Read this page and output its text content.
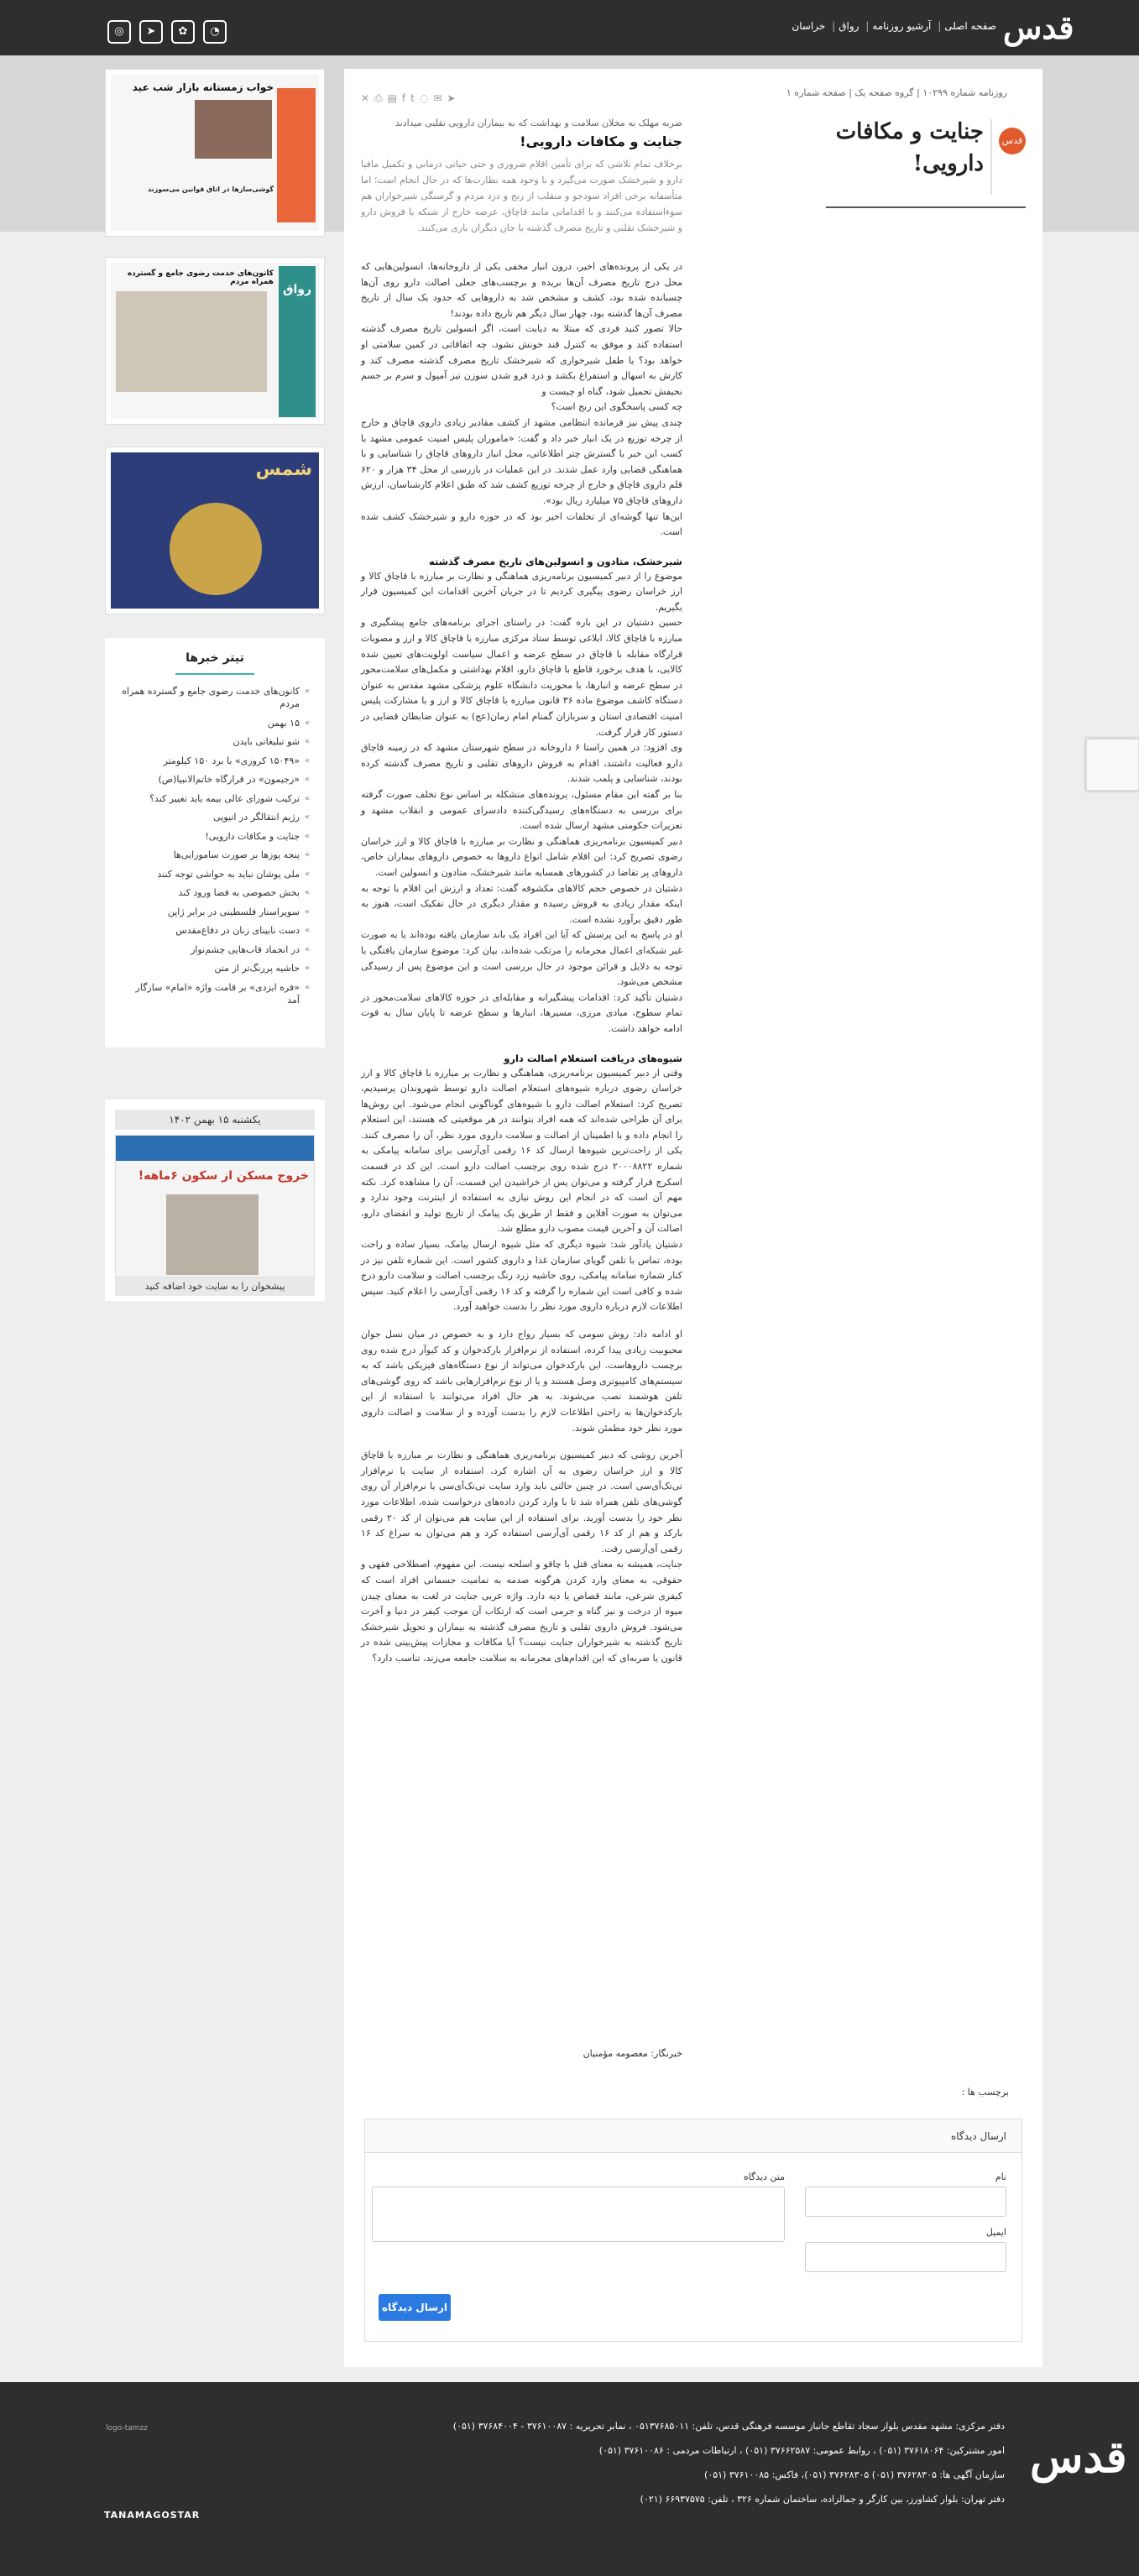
قدس
صفحه اصلی| آرشیو روزنامه| رواق| خراسان
◎	➤	✿	◔
روزنامه شماره ۱۰۲۹۹ | گروه صفحه یک | صفحه شماره ۱
✕ ⎙ ▤ f t ◌ ✉ ➤
قدس
جنایت و مکافات دارویی!
ضربه مهلک به مخلان سلامت و بهداشت که به بیماران دارویی تقلبی میدادند
جنایت و مکافات دارویی!
برخلاف تمام تلاشی که برای تأمین اقلام ضروری و حتی حیاتی درمانی و تکمیل مافیا دارو و شیرخشک صورت می‌گیرد و با وجود همه نظارت‌ها که در حال انجام است؛ اما متأسفانه برخی افراد سودجو و متقلب از رنج و درد مردم و گرسنگی شیرخواران هم سوءاستفاده می‌کنند و با اقداماتی مانند قاچاق، عرضه خارج از شبکه یا فروش دارو و شیرخشک تقلبی و تاریخ مصرف گذشته با جان دیگران بازی می‌کنند.

در یکی از پرونده‌های اخیر، درون انبار مخفی یکی از داروخانه‌ها، انسولین‌هایی که محل درج تاریخ مصرف آن‌ها بریده و برچسب‌های جعلی اصالت دارو روی آن‌ها چسبانده شده بود، کشف و مشخص شد به داروهایی که حدود یک سال از تاریخ مصرف آن‌ها گذشته بود، چهار سال دیگر هم تاریخ داده بودند!

حالا تصور کنید فردی که مبتلا به دیابت است، اگر انسولین تاریخ مصرف گذشته استفاده کند و موفق به کنترل قند خونش نشود، چه اتفاقاتی در کمین سلامتی او خواهد بود؟ یا طفل شیرخواری که شیرخشک تاریخ مصرف گذشته مصرف کند و کارش به اسهال و استفراغ بکشد و درد فرو شدن سوزن تیز آمپول و سرم بر جسم نحیفش تحمیل شود، گناه او چیست و

چه کسی پاسخگوی این رنج است؟

چندی پیش نیز فرمانده انتظامی مشهد از کشف مقادیر زیادی داروی قاچاق و خارج از چرخه توزیع در یک انبار خبر داد و گفت: «ماموران پلیس امنیت عمومی مشهد با کسب این خبر با گسترش چتر اطلاعاتی، محل انبار داروهای قاچاق را شناسایی و با هماهنگی قضایی وارد عمل شدند. در این عملیات در بازرسی از محل ۳۴ هزار و ۶۲۰ قلم داروی قاچاق و خارج از چرخه توزیع کشف شد که طبق اعلام کارشناسان، ارزش داروهای قاچاق ۷۵ میلیارد ریال بود».

این‌ها تنها گوشه‌ای از تخلفات اخیر بود که در حوزه دارو و شیرخشک کشف شده است.

شیرخشک، متادون و انسولین‌های تاریخ مصرف گذشته

موضوع را از دبیر کمیسیون برنامه‌ریزی هماهنگی و نظارت بر مبارزه با قاچاق کالا و ارز خراسان رضوی پیگیری کردیم تا در جریان آخرین اقدامات این کمیسیون قرار بگیریم.

حسین دشتیان در این باره گفت: در راستای اجرای برنامه‌های جامع پیشگیری و مبارزه با قاچاق کالا، ابلاغی توسط ستاد مرکزی مبارزه با قاچاق کالا و ارز و مصوبات قرارگاه مقابله با قاچاق در سطح عرضه و اعمال سیاست اولویت‌های تعیین شده کالایی، با هدف برخورد قاطع با قاچاق دارو، اقلام بهداشتی و مکمل‌های سلامت‌محور در سطح عرضه و انبارها، با محوریت دانشگاه علوم پزشکی مشهد مقدس به عنوان دستگاه کاشف موضوع ماده ۳۶ قانون مبارزه با قاچاق کالا و ارز و با مشارکت پلیس امنیت اقتصادی استان و سربازان گمنام امام زمان(عج) به عنوان ضابطان قضایی در دستور کار قرار گرفت.

وی افزود: در همین راستا ۶ داروخانه در سطح شهرستان مشهد که در زمینه قاچاق دارو فعالیت داشتند، اقدام به فروش داروهای تقلبی و تاریخ مصرف گذشته کرده بودند، شناسایی و پلمب شدند.

بنا بر گفته این مقام مسئول، پرونده‌های متشکله بر اساس نوع تخلف صورت گرفته برای بررسی به دستگاه‌های رسیدگی‌کننده دادسرای عمومی و انقلاب مشهد و تعزیرات حکومتی مشهد ارسال شده است.

دبیر کمیسیون برنامه‌ریزی هماهنگی و نظارت بر مبارزه با قاچاق کالا و ارز خراسان رضوی تصریح کرد: این اقلام شامل انواع داروها به خصوص داروهای بیماران خاص، داروهای پر تقاضا در کشورهای همسایه مانند شیرخشک، متادون و انسولین است.

دشتیان در خصوص حجم کالاهای مکشوفه گفت: تعداد و ارزش این اقلام با توجه به اینکه مقدار زیادی به فروش رسیده و مقدار دیگری در حال تفکیک است، هنوز به طور دقیق برآورد نشده است.

او در پاسخ به این پرسش که آیا این افراد یک باند سازمان یافته بوده‌اند یا به صورت غیر شبکه‌ای اعمال مجرمانه را مرتکب شده‌اند، بیان کرد: موضوع سازمان یافتگی با توجه به دلایل و قرائن موجود در حال بررسی است و این موضوع پس از رسیدگی مشخص می‌شود.

دشتیان تأکید کرد: اقدامات پیشگیرانه و مقابله‌ای در حوزه کالاهای سلامت‌محور در تمام سطوح، مبادی مرزی، مسیرها، انبارها و سطح عرضه تا پایان سال به قوت ادامه خواهد داشت.

شیوه‌های دریافت استعلام اصالت دارو

وقتی از دبیر کمیسیون برنامه‌ریزی، هماهنگی و نظارت بر مبارزه با قاچاق کالا و ارز خراسان رضوی درباره شیوه‌های استعلام اصالت دارو توسط شهروندان پرسیدیم، تصریح کرد: استعلام اصالت دارو با شیوه‌های گوناگونی انجام می‌شود. این روش‌ها برای آن طراحی شده‌اند که همه افراد بتوانند در هر موقعیتی که هستند، این استعلام را انجام داده و با اطمینان از اصالت و سلامت داروی مورد نظر، آن را مصرف کنند. یکی از راحت‌ترین شیوه‌ها ارسال کد ۱۶ رقمی آی‌آرسی برای سامانه پیامکی به شماره ۲۰۰۰۸۸۲۲ درج شده روی برچسب اصالت دارو است. این کد در قسمت اسکرچ قرار گرفته و می‌توان پس از خراشیدن این قسمت، آن را مشاهده کرد. نکته مهم آن است که در انجام این روش نیازی به استفاده از اینترنت وجود ندارد و می‌توان به صورت آفلاین و فقط از طریق یک پیامک از تاریخ تولید و انقضای دارو، اصالت آن و آخرین قیمت مصوب دارو مطلع شد.

دشتیان یادآور شد: شیوه دیگری که مثل شیوه ارسال پیامک، بسیار ساده و راحت بوده، تماس با تلفن گویای سازمان غذا و داروی کشور است. این شماره تلفن نیز در کنار شماره سامانه پیامکی، روی حاشیه زرد رنگ برچسب اصالت و سلامت دارو درج شده و کافی است این شماره را گرفته و کد ۱۶ رقمی آی‌آرسی را اعلام کنید. سپس اطلاعات لازم درباره داروی مورد نظر را بدست خواهید آورد.

او ادامه داد: روش سومی که بسیار رواج دارد و به خصوص در میان نسل جوان محبوبیت زیادی پیدا کرده، استفاده از نرم‌افزار بارکدخوان و کد کیوآر درج شده روی برچسب داروهاست. این بارکدخوان می‌تواند از نوع دستگاه‌های فیزیکی باشد که به سیستم‌های کامپیوتری وصل هستند و یا از نوع نرم‌افزارهایی باشد که روی گوشی‌های تلفن هوشمند نصب می‌شوند. به هر حال افراد می‌توانند با استفاده از این بارکدخوان‌ها به راحتی اطلاعات لازم را بدست آورده و از سلامت و اصالت داروی مورد نظر خود مطمئن شوند.

آخرین روشی که دبیر کمیسیون برنامه‌ریزی هماهنگی و نظارت بر مبارزه با قاچاق کالا و ارز خراسان رضوی به آن اشاره کرد، استفاده از سایت یا نرم‌افزار تی‌تک‌آی‌سی است. در چنین حالتی باید وارد سایت تی‌تک‌آی‌سی یا نرم‌افزار آن روی گوشی‌های تلفن همراه شد تا با وارد کردن داده‌های درخواست شده، اطلاعات مورد نظر خود را بدست آورید. برای استفاده از این سایت هم می‌توان از کد ۲۰ رقمی بارکد و هم از کد ۱۶ رقمی آی‌آرسی استفاده کرد و هم می‌توان به سراغ کد ۱۶ رقمی آی‌آرسی رفت.

جنایت، همیشه به معنای قتل با چاقو و اسلحه نیست. این مفهوم، اصطلاحی فقهی و حقوقی، به معنای وارد کردن هرگونه صدمه به تمامیت جسمانی افراد است که کیفری شرعی، مانند قصاص یا دیه دارد. واژه عربی جنایت در لغت به معنای چیدن میوه از درخت و نیز گناه و جرمی است که ارتکاب آن موجب کیفر در دنیا و آخرت می‌شود. فروش داروی تقلبی و تاریخ مصرف گذشته به بیماران و تحویل شیرخشک تاریخ گذشته به شیرخواران جنایت نیست؟ آیا مکافات و مجازات پیش‌بینی شده در قانون یا ضربه‌ای که این اقدام‌های مجرمانه به سلامت جامعه می‌زند، تناسب دارد؟

خبرنگار: معصومه مؤمنیان
برچسب ها :
ارسال دیدگاه
نام
متن دیدگاه
ایمیل
ارسال دیدگاه
خواب زمستانه بازار شب عید
گوشی‌سازها در اتاق قوانین می‌سوزند
رواق
کانون‌های خدمت رضوی جامع و گسترده همراه مردم
شمس
تیتر خبرها
» کانون‌های خدمت رضوی جامع و گسترده همراه مردم
» ۱۵ بهمن
» شو تبلیغاتی بایدن
» «۱۵۰۴۹ کروزی» با برد ۱۵۰ کیلومتر
» «رجیمون» در قرارگاه خاتم‌الانبیا(ص)
» ترکیب شورای عالی بیمه باید تغییر کند؟
» رژیم انتقالگر در اتیوپی
» جنایت و مکافات دارویی!
» پنجه پوزها بر صورت سامورایی‌ها
» ملی پوشان نباید به حواشی توجه کنند
» بخش خصوصی به فضا ورود کند
» سوپراستار فلسطینی در برابر ژاپن
» دست نابینای زنان در دفاع‌مقدس
» در انجماد قاب‌هایی چشم‌نواز
» حاشیه پررنگ‌تر از متن
» «فره ایزدی» بر قامت واژه «امام» سازگار آمد
یکشنبه ۱۵ بهمن ۱۴۰۲
خروج مسکن از سکون ۶ماهه!
پیشخوان را به سایت خود اضافه کنید
قدس
دفتر مرکزی: مشهد مقدس بلوار سجاد تقاطع جانباز موسسه فرهنگی قدس، تلفن: ۰۵۱۳۷۶۸۵۰۱۱ ، نمابر تحریریه : ۳۷۶۱۰۰۸۷ - ۳۷۶۸۴۰۰۴ (۰۵۱)
امور مشترکین: ۳۷۶۱۸۰۶۴ (۰۵۱) ، روابط عمومی: ۳۷۶۶۲۵۸۷ (۰۵۱) ، ارتباطات مردمی : ۳۷۶۱۰۰۸۶ (۰۵۱)
سازمان آگهی ها: ۳۷۶۲۸۳۰۵ (۰۵۱) ۳۷۶۲۸۳۰۵ (۰۵۱)، فاکس: ۳۷۶۱۰۰۸۵ (۰۵۱)
دفتر تهران: بلوار کشاورز، بین کارگر و جمالزاده، ساختمان شماره ۳۲۶ ، تلفن: ۶۶۹۳۷۵۷۵ (۰۲۱)
logo-tamzz
TANAMAGOSTAR
